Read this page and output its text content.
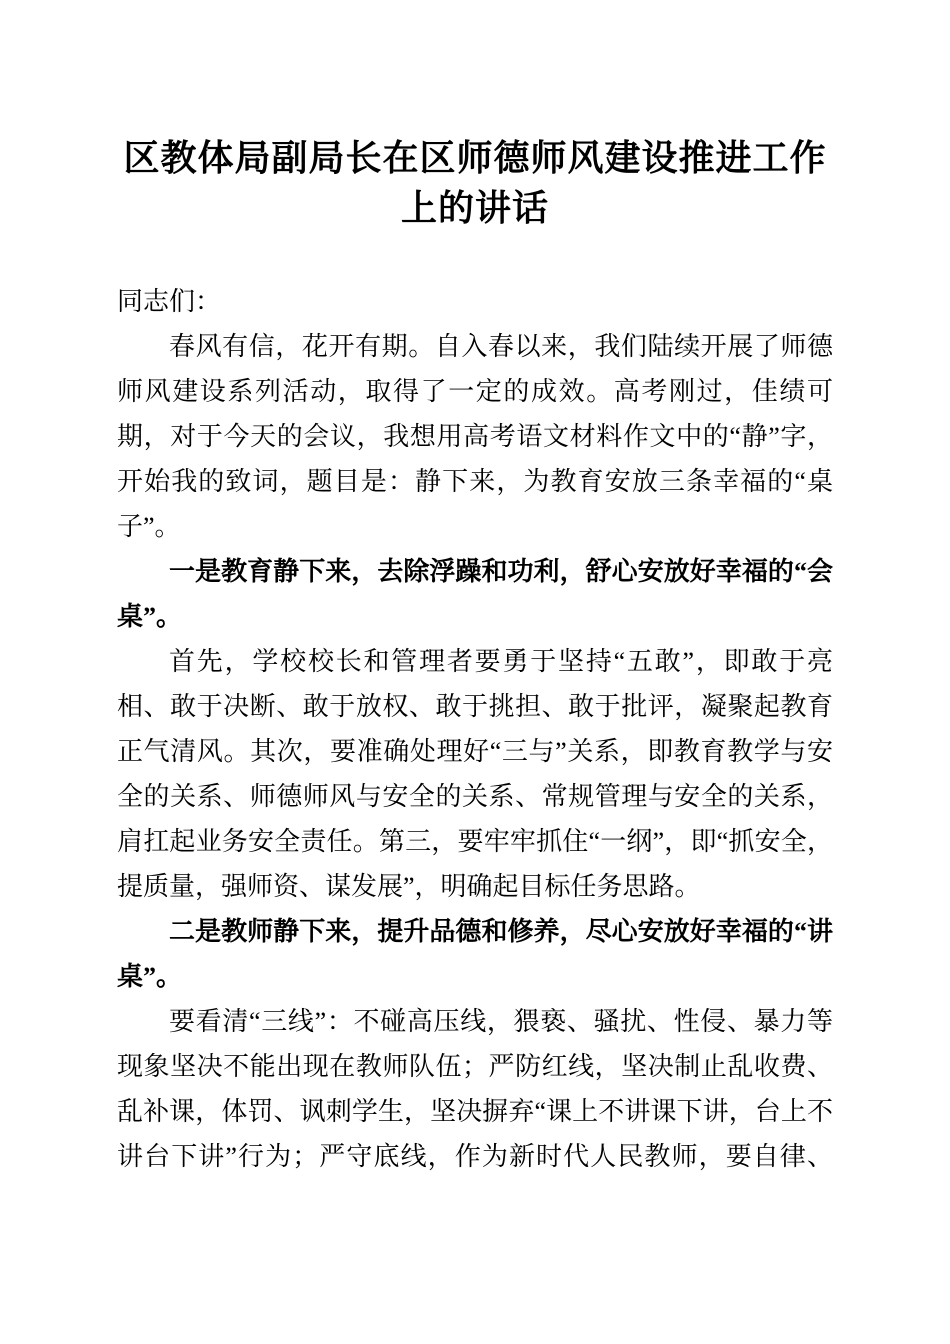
区教体局副局长在区师德师风建设推进工作上的讲话

同志们：

春风有信，花开有期。自入春以来，我们陆续开展了师德师风建设系列活动，取得了一定的成效。高考刚过，佳绩可期，对于今天的会议，我想用高考语文材料作文中的“静”字，开始我的致词，题目是：静下来，为教育安放三条幸福的“桌子”。

一是教育静下来，去除浮躁和功利，舒心安放好幸福的“会桌”。

首先，学校校长和管理者要勇于坚持“五敢”，即敢于亮相、敢于决断、敢于放权、敢于挑担、敢于批评，凝聚起教育正气清风。其次，要准确处理好“三与”关系，即教育教学与安全的关系、师德师风与安全的关系、常规管理与安全的关系，肩扛起业务安全责任。第三，要牢牢抓住“一纲”，即“抓安全，提质量，强师资、谋发展”，明确起目标任务思路。

二是教师静下来，提升品德和修养，尽心安放好幸福的“讲桌”。

要看清“三线”：不碰高压线，猥亵、骚扰、性侵、暴力等现象坚决不能出现在教师队伍；严防红线，坚决制止乱收费、乱补课，体罚、讽刺学生，坚决摒弃“课上不讲课下讲，台上不讲台下讲”行为；严守底线，作为新时代人民教师，要自律、
